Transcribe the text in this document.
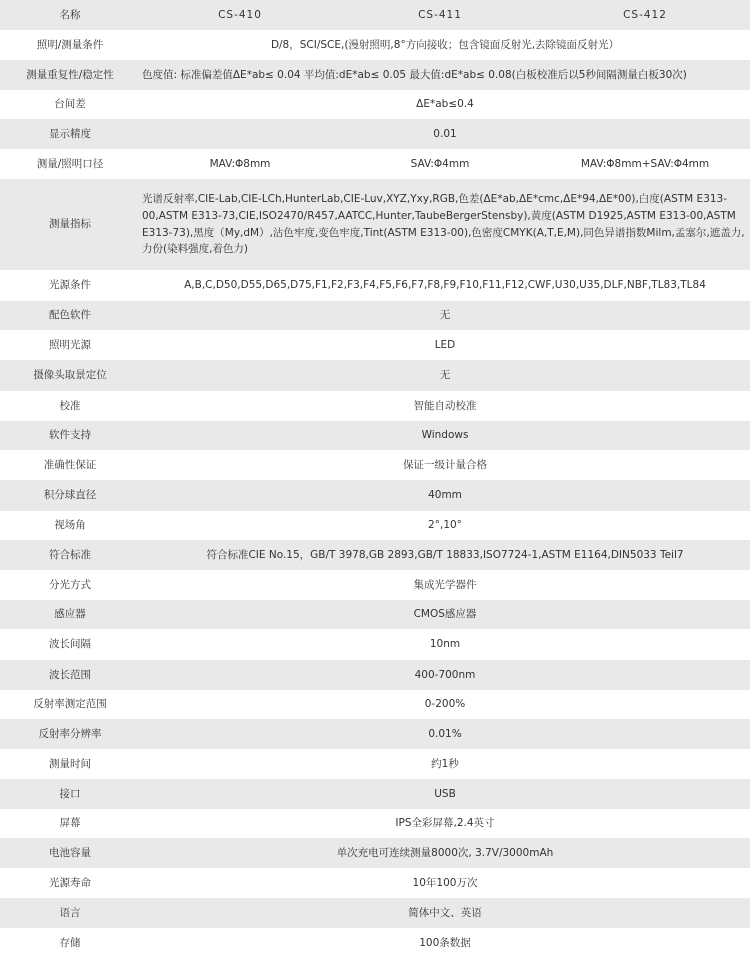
名称	CS-410	CS-411	CS-412
照明/测量条件	D/8，SCI/SCE,(漫射照明,8°方向接收；包含镜面反射光,去除镜面反射光）		
测量重复性/稳定性	色度值: 标准偏差值ΔE*ab≤ 0.04 平均值:dE*ab≤ 0.05 最大值:dE*ab≤ 0.08(白板校准后以5秒间隔测量白板30次)		
台间差	ΔE*ab≤0.4		
显示精度	0.01		
测量/照明口径	MAV:Φ8mm	SAV:Φ4mm	MAV:Φ8mm+SAV:Φ4mm
测量指标	光谱反射率,CIE-Lab,CIE-LCh,HunterLab,CIE-Luv,XYZ,Yxy,RGB,色差(ΔE*ab,ΔE*cmc,ΔE*94,ΔE*00),白度(ASTM E313-00,ASTM E313-73,CIE,ISO2470/R457,AATCC,Hunter,TaubeBergerStensby),黄度(ASTM D1925,ASTM E313-00,ASTM E313-73),黑度（My,dM）,沾色牢度,变色牢度,Tint(ASTM E313-00),色密度CMYK(A,T,E,M),同色异谱指数Milm,孟塞尔,遮盖力,力份(染料强度,着色力)		
光源条件	A,B,C,D50,D55,D65,D75,F1,F2,F3,F4,F5,F6,F7,F8,F9,F10,F11,F12,CWF,U30,U35,DLF,NBF,TL83,TL84		
配色软件	无		
照明光源	LED		
摄像头取景定位	无		
校准	智能自动校准		
软件支持	Windows		
准确性保证	保证一级计量合格		
积分球直径	40mm		
视场角	2°,10°		
符合标准	符合标准CIE No.15，GB/T 3978,GB 2893,GB/T 18833,ISO7724-1,ASTM E1164,DIN5033 Teil7		
分光方式	集成光学器件		
感应器	CMOS感应器		
波长间隔	10nm		
波长范围	400-700nm		
反射率测定范围	0-200%		
反射率分辨率	0.01%		
测量时间	约1秒		
接口	USB		
屏幕	IPS全彩屏幕,2.4英寸		
电池容量	单次充电可连续测量8000次, 3.7V/3000mAh		
光源寿命	10年100万次		
语言	简体中文、英语		
存储	100条数据		
